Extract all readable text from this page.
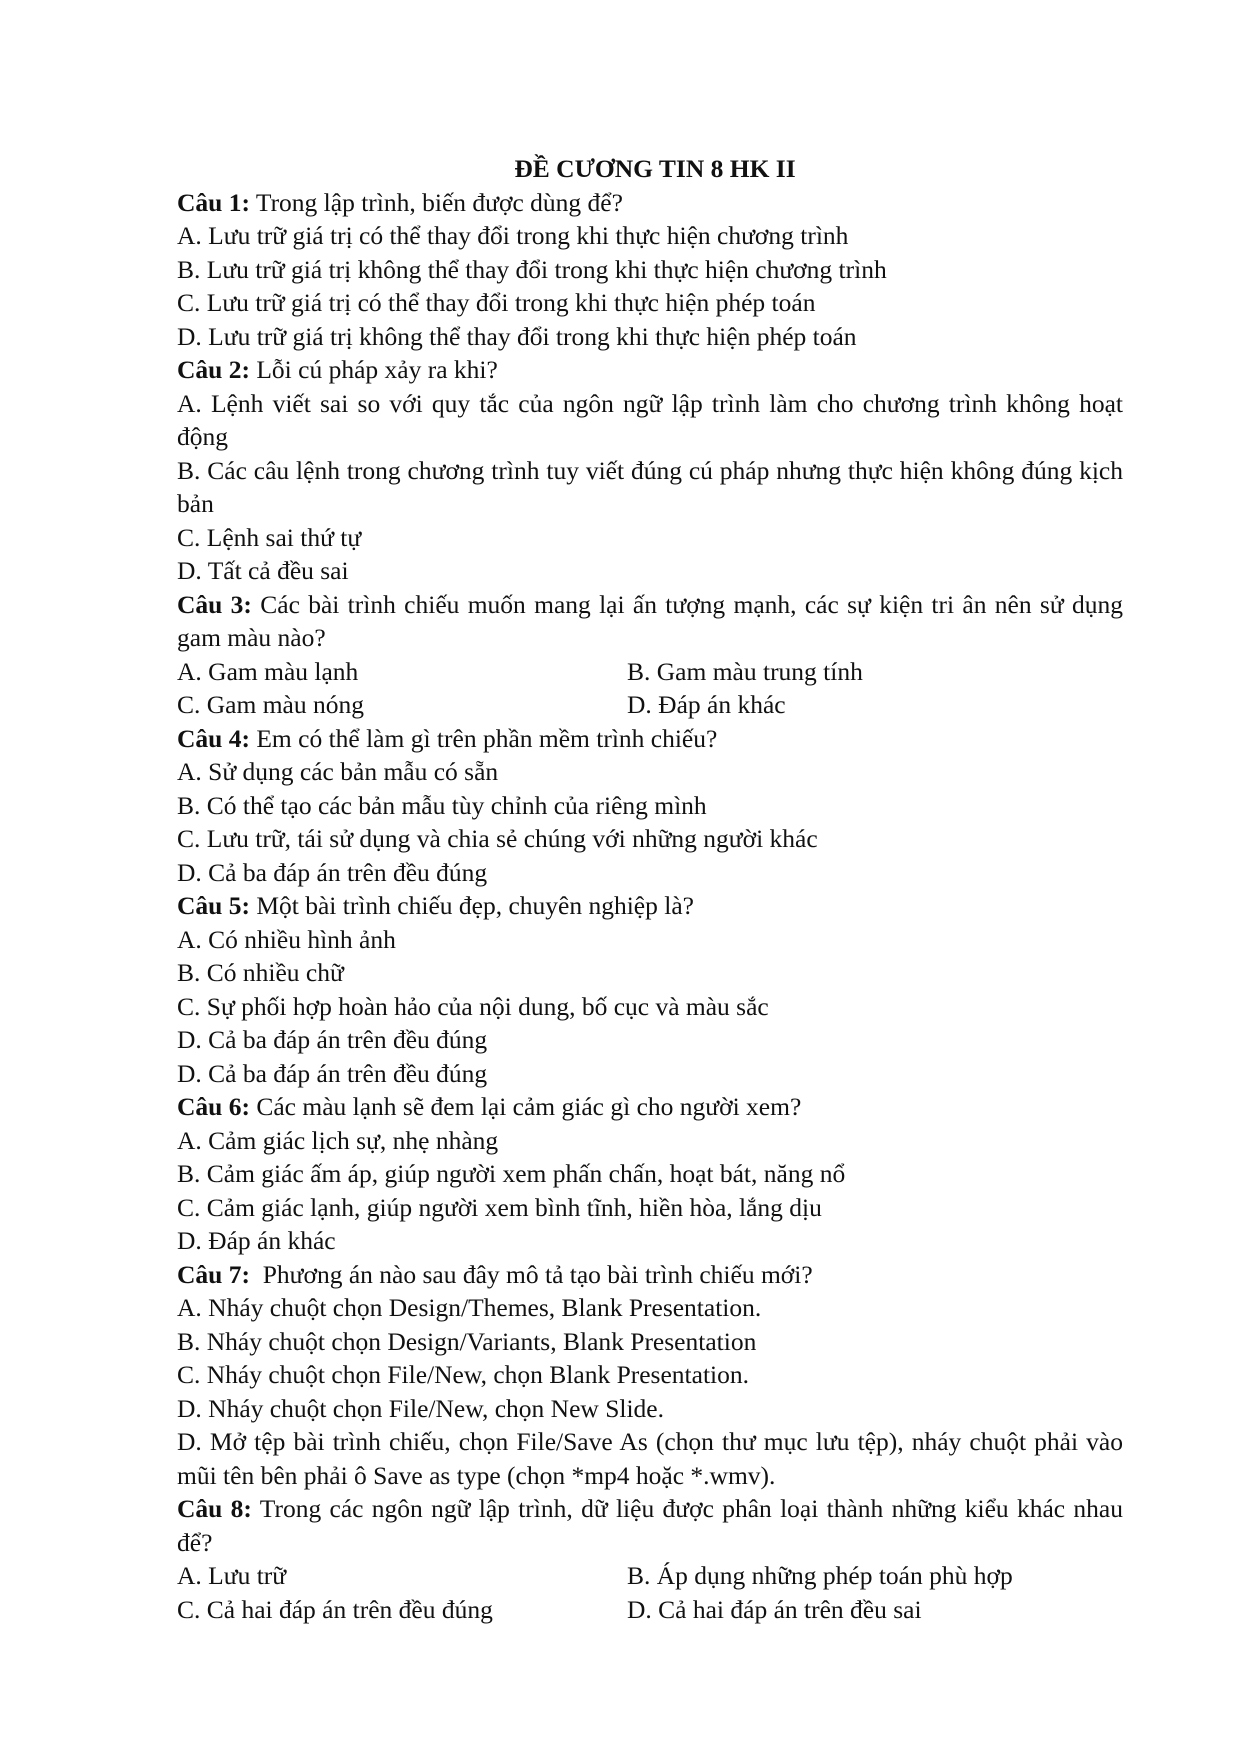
ĐỀ CƯƠNG TIN 8 HK II

Câu 1: Trong lập trình, biến được dùng để?

A. Lưu trữ giá trị có thể thay đổi trong khi thực hiện chương trình

B. Lưu trữ giá trị không thể thay đổi trong khi thực hiện chương trình

C. Lưu trữ giá trị có thể thay đổi trong khi thực hiện phép toán

D. Lưu trữ giá trị không thể thay đổi trong khi thực hiện phép toán

Câu 2: Lỗi cú pháp xảy ra khi?

A. Lệnh viết sai so với quy tắc của ngôn ngữ lập trình làm cho chương trình không hoạt động

B. Các câu lệnh trong chương trình tuy viết đúng cú pháp nhưng thực hiện không đúng kịch bản

C. Lệnh sai thứ tự

D. Tất cả đều sai

Câu 3: Các bài trình chiếu muốn mang lại ấn tượng mạnh, các sự kiện tri ân nên sử dụng gam màu nào?

A. Gam màu lạnh	B. Gam màu trung tính

C. Gam màu nóng	D. Đáp án khác

Câu 4: Em có thể làm gì trên phần mềm trình chiếu?

A. Sử dụng các bản mẫu có sẵn

B. Có thể tạo các bản mẫu tùy chỉnh của riêng mình

C. Lưu trữ, tái sử dụng và chia sẻ chúng với những người khác

D. Cả ba đáp án trên đều đúng

Câu 5: Một bài trình chiếu đẹp, chuyên nghiệp là?

A. Có nhiều hình ảnh

B. Có nhiều chữ

C. Sự phối hợp hoàn hảo của nội dung, bố cục và màu sắc

D. Cả ba đáp án trên đều đúng

D. Cả ba đáp án trên đều đúng

Câu 6: Các màu lạnh sẽ đem lại cảm giác gì cho người xem?

A. Cảm giác lịch sự, nhẹ nhàng

B. Cảm giác ấm áp, giúp người xem phấn chấn, hoạt bát, năng nổ

C. Cảm giác lạnh, giúp người xem bình tĩnh, hiền hòa, lắng dịu

D. Đáp án khác

Câu 7:  Phương án nào sau đây mô tả tạo bài trình chiếu mới?

A. Nháy chuột chọn Design/Themes, Blank Presentation.

B. Nháy chuột chọn Design/Variants, Blank Presentation

C. Nháy chuột chọn File/New, chọn Blank Presentation.

D. Nháy chuột chọn File/New, chọn New Slide.

D. Mở tệp bài trình chiếu, chọn File/Save As (chọn thư mục lưu tệp), nháy chuột phải vào mũi tên bên phải ô Save as type (chọn *mp4 hoặc *.wmv).

Câu 8: Trong các ngôn ngữ lập trình, dữ liệu được phân loại thành những kiểu khác nhau để?

A. Lưu trữ	B. Áp dụng những phép toán phù hợp

C. Cả hai đáp án trên đều đúng	D. Cả hai đáp án trên đều sai
